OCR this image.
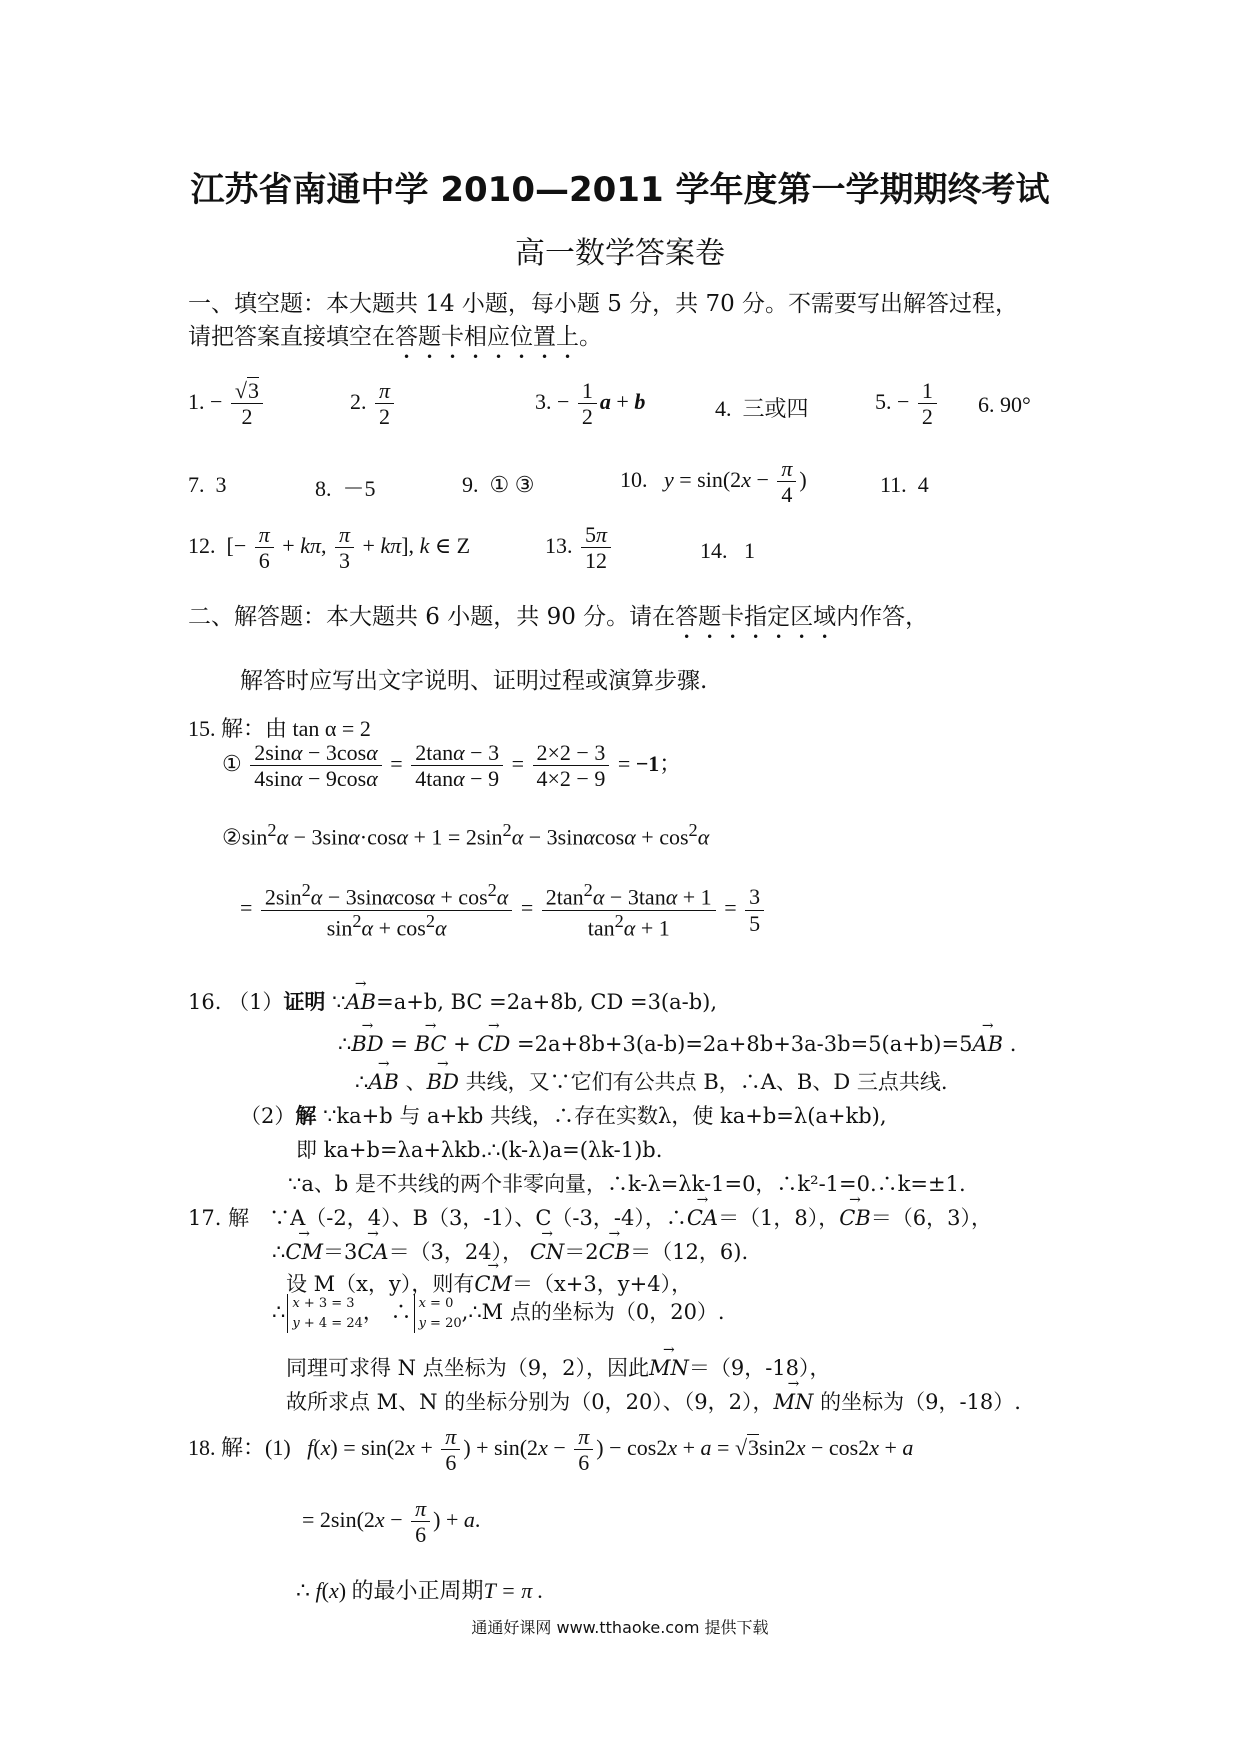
江苏省南通中学 2010—2011 学年度第一学期期终考试
高一数学答案卷
一、填空题：本大题共 14 小题，每小题 5 分，共 70 分。不需要写出解答过程，
请把答案直接填空在答题卡相应位置上。
1. − $\frac{√3}{2}$	2. $\frac{\pi}{2}$	3. − $\frac{1}{2}$ a + b	4. 三或四	5. − $\frac{1}{2} 6$. 90°
7. 3	8. －5	9. ① ③	10. $y = \sin(2x - \frac{\pi}{4}$ )	11. 4
12.  [− $\frac{\pi}{6} + k\pi$, $\frac{\pi}{3} + k\pi$], k ∈ Z	13. $\frac{5\pi}{12}$	14. 1
二、解答题：本大题共 6 小题，共 90 分。请在答题卡指定区域内作答，
解答时应写出文字说明、证明过程或演算步骤.
15. 解：由 tan α = 2
① $\frac{2\sin\alpha - 3\cos\alpha}{4\sin\alpha - 9\cos\alpha} = \frac{2\tan\alpha - 3}{4\tan\alpha - 9} = \frac{2\times 2 - 3}{4\times 2 - 9} = -1$；
$②\sin^2\alpha - 3\sin\alpha\cdot\cos\alpha + 1 = 2\sin^2\alpha - 3\sin\alpha\cos\alpha + \cos^2\alpha$
= $\frac{2\sin^2\alpha - 3\sin\alpha\cos\alpha + \cos^2\alpha}{\sin^2\alpha + \cos^2\alpha} = \frac{2\tan^2\alpha - 3\tan\alpha + 1}{\tan^2\alpha + 1} = \frac{3}{5}$
16. （1）证明 ∵→ AB=a+b, BC =2a+8b, CD =3(a-b),
∴→ BD = → BC + → CD =2a+8b+3(a-b)=2a+8b+3a-3b=5(a+b)=5→ AB .
∴→ AB 、→ BD 共线，又∵它们有公共点 B，∴A、B、D 三点共线.
（2）解 ∵ka+b 与 a+kb 共线，∴存在实数λ，使 ka+b=λ(a+kb),
即 ka+b=λa+λkb.∴(k-λ)a=(λk-1)b.
∵a、b 是不共线的两个非零向量，∴k-λ=λk-1=0，∴k²-1=0.∴k=±1.
17. 解 ∵A（-2，4）、B（3，-1）、C（-3，-4），∴→ CA＝（1，8），→ CB＝（6，3），
∴→ CM＝3→ CA＝（3，24）， → CN＝2→ CB＝（12，6).
设 M（x，y），则有→ CM＝（x+3，y+4），
∴ x + 3 = 3
y + 4 = 24， ∴ x = 0
y = 20,∴M 点的坐标为（0，20）.
同理可求得 N 点坐标为（9，2），因此→ MN＝（9，-18），
故所求点 M、N 的坐标分别为（0，20）、（9，2），→ MN 的坐标为（9，-18）.
18. 解：(1) $f(x) = \sin(2x + \frac{\pi}{6}$ ) + $\sin(2x - \frac{\pi}{6}$ ) − cos2x + a = √3sin2x − cos2x + a
= $2\sin(2x - \frac{\pi}{6}$ ) + a.
∴ f(x) 的最小正周期T = π .
通通好课网 www.tthaoke.com 提供下载
